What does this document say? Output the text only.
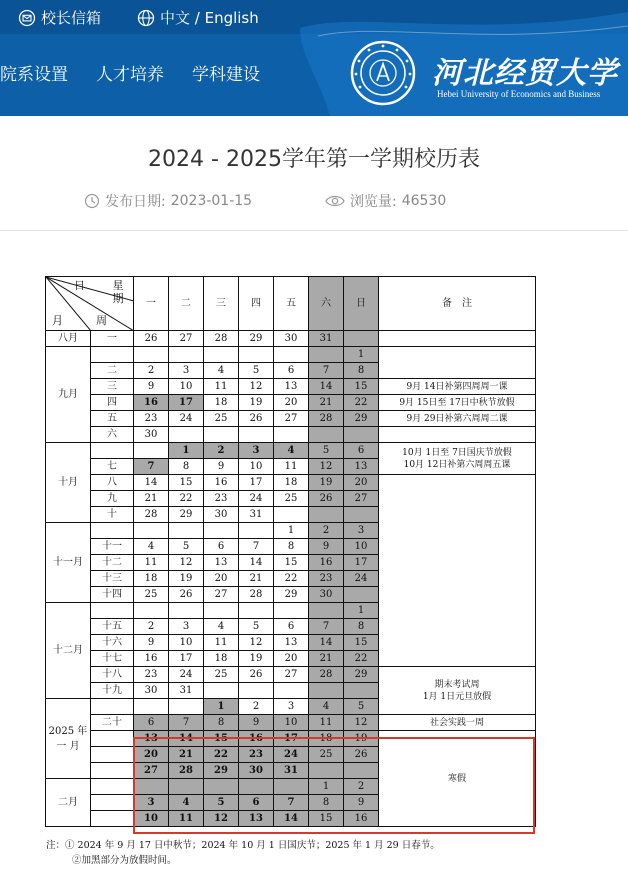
校长信箱	中文 / English
院系设置 人才培养 学科建设	河北经贸大学
Hebei University of Economics and Business
2024 - 2025学年第一学期校历表
发布日期: 2023-01-15	浏览量: 46530
日 星期
月 周		一	二	三	四	五	六	日	备　注
八月	一	26	27	28	29	30	31		
九月								1	
	二	2	3	4	5	6	7	8	
	三	9	10	11	12	13	14	15	9月 14日补第四周周一课
	四	16	17	18	19	20	21	22	9月 15日至 17日中秋节放假
	五	23	24	25	26	27	28	29	9月 29日补第六周周二课
	六	30							
十月			1	2	3	4	5	6	10月 1日至 7日国庆节放假
10月 12日补第六周周五课

	七	7	8	9	10	11	12	13	
	八	14	15	16	17	18	19	20	
	九	21	22	23	24	25	26	27	
	十	28	29	30	31				
十一月						1	2	3	
	十一	4	5	6	7	8	9	10	
	十二	11	12	13	14	15	16	17	
	十三	18	19	20	21	22	23	24	
	十四	25	26	27	28	29	30		
十二月								1	
	十五	2	3	4	5	6	7	8	
	十六	9	10	11	12	13	14	15	
	十七	16	17	18	19	20	21	22	
	十八	23	24	25	26	27	28	29	期末考试周
1月 1日元旦放假

	十九	30	31						
2025 年 一 月				1	2	3	4	5	
	二十	6	7	8	9	10	11	12	社会实践一周
		13	14	15	16	17	18	19	寒假
		20	21	22	23	24	25	26	
		27	28	29	30	31			
二月							1	2	
		3	4	5	6	7	8	9	
		10	11	12	13	14	15	16	
注：① 2024 年 9 月 17 日中秋节；2024 年 10 月 1 日国庆节；2025 年 1 月 29 日春节。
②加黑部分为放假时间。
